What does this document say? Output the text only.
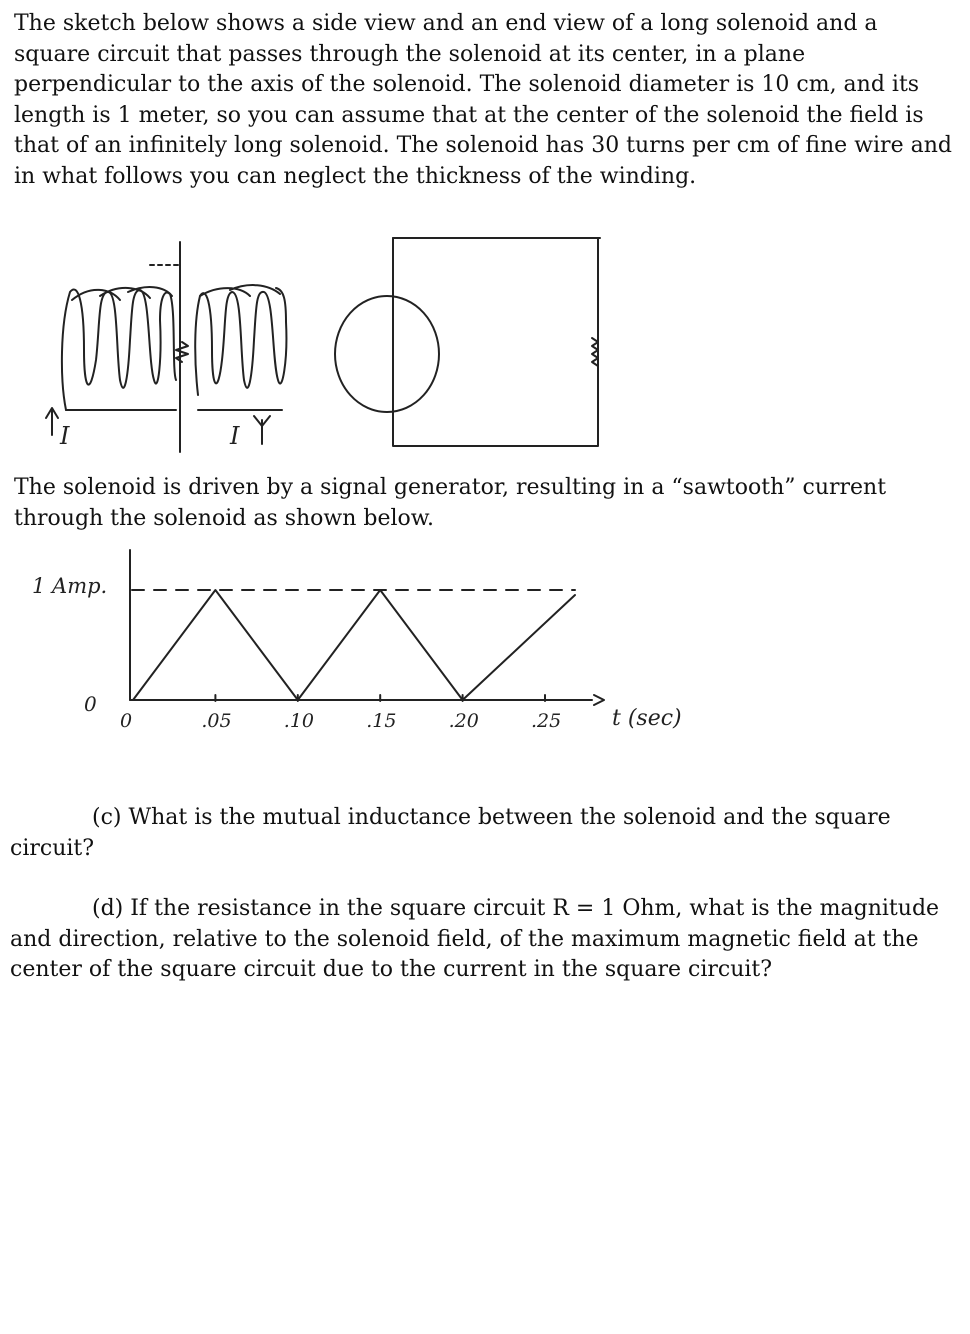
The sketch below shows a side view and an end view of a long solenoid and a square circuit that passes through the solenoid at its center, in a plane perpendicular to the axis of the solenoid. The solenoid diameter is 10 cm, and its length is 1 meter, so you can assume that at the center of the solenoid the field is that of an infinitely long solenoid. The solenoid has 30 turns per cm of fine wire and in what follows you can neglect the thickness of the winding.

I	I

The solenoid is driven by a signal generator, resulting in a “sawtooth” current through the solenoid as shown below.

1 Amp.
0
0	.05	.10	.15	.20	.25 t (sec)

(c) What is the mutual inductance between the solenoid and the square circuit?

(d) If the resistance in the square circuit R = 1 Ohm, what is the magnitude and direction, relative to the solenoid field, of the maximum magnetic field at the center of the square circuit due to the current in the square circuit?
